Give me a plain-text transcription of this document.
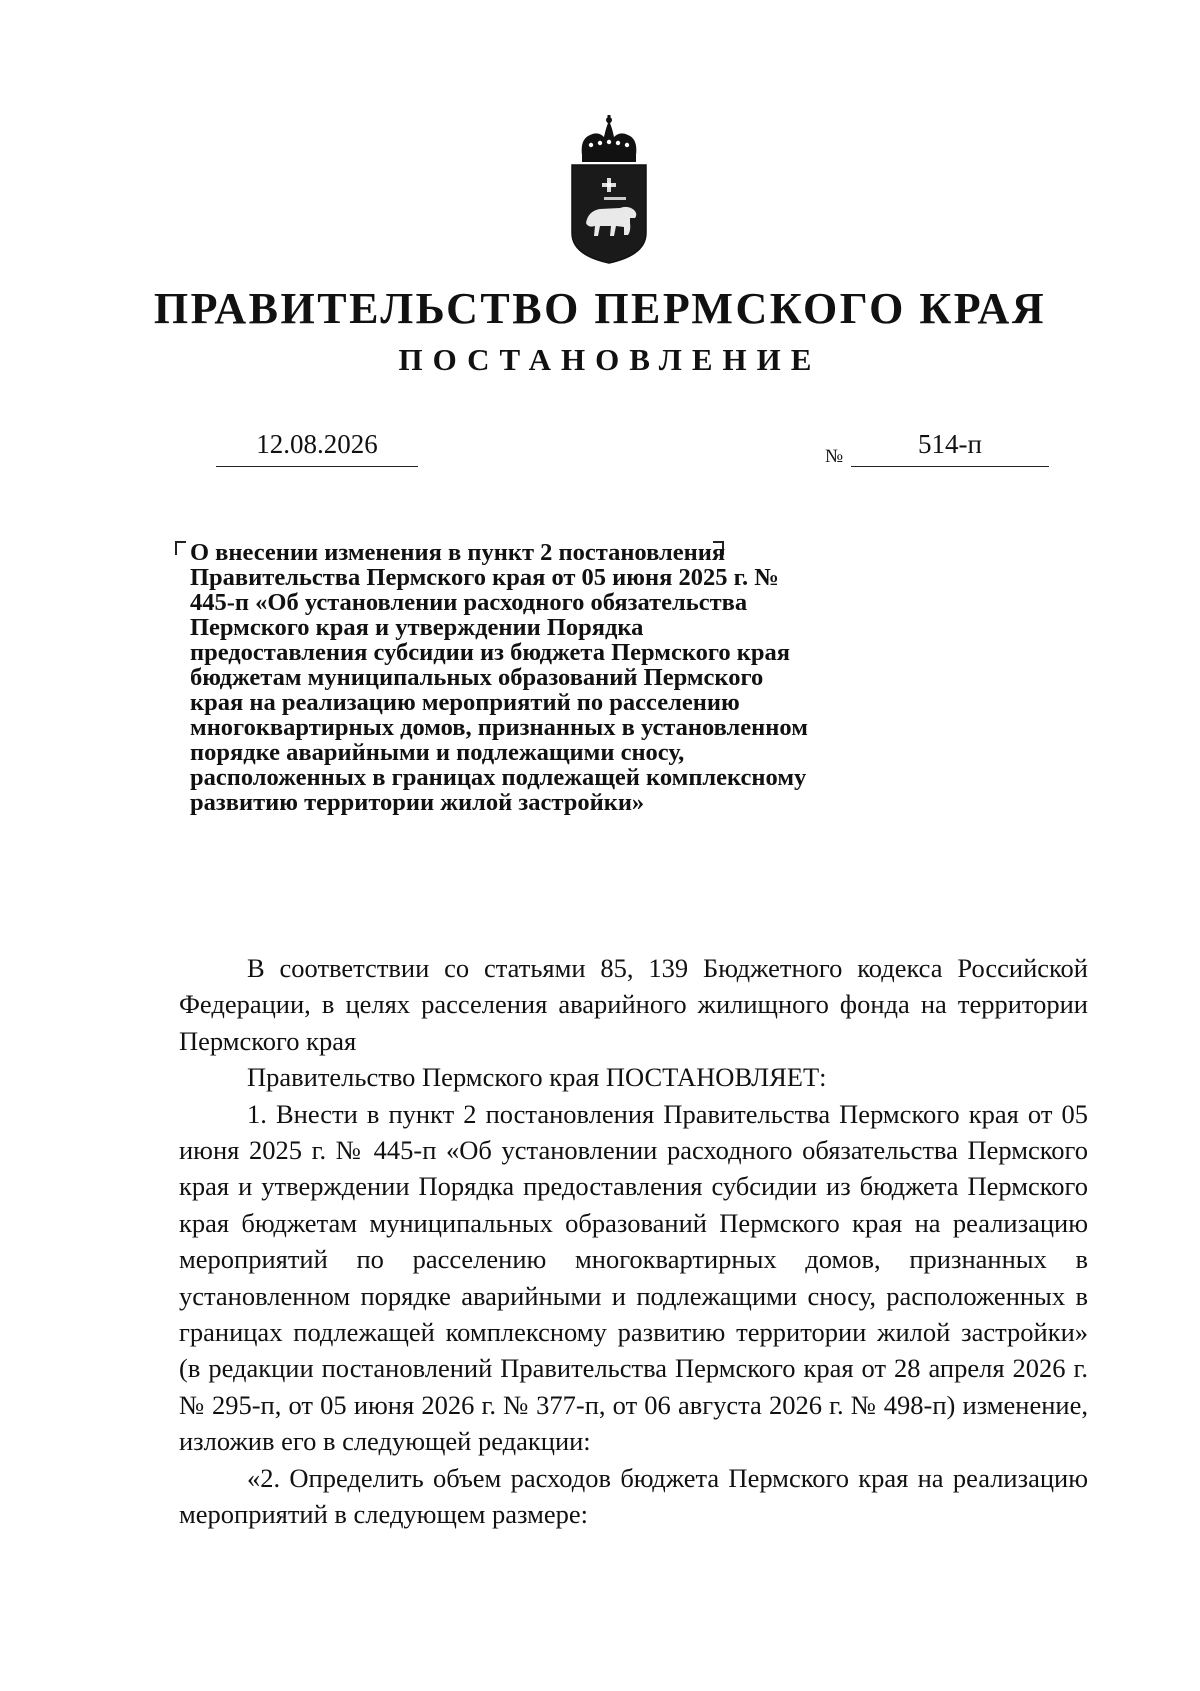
ПРАВИТЕЛЬСТВО ПЕРМСКОГО КРАЯ
ПОСТАНОВЛЕНИЕ
12.08.2026	№	514-п

О внесении изменения в пункт 2 постановления Правительства Пермского края от 05 июня 2025 г. № 445-п «Об установлении расходного обязательства Пермского края и утверждении Порядка предоставления субсидии из бюджета Пермского края бюджетам муниципальных образований Пермского края на реализацию мероприятий по расселению многоквартирных домов, признанных в установленном порядке аварийными и подлежащими сносу, расположенных в границах подлежащей комплексному развитию территории жилой застройки»

В соответствии со статьями 85, 139 Бюджетного кодекса Российской Федерации, в целях расселения аварийного жилищного фонда на территории Пермского края

Правительство Пермского края ПОСТАНОВЛЯЕТ:

1. Внести в пункт 2 постановления Правительства Пермского края от 05 июня 2025 г. № 445-п «Об установлении расходного обязательства Пермского края и утверждении Порядка предоставления субсидии из бюджета Пермского края бюджетам муниципальных образований Пермского края на реализацию мероприятий по расселению многоквартирных домов, признанных в установленном порядке аварийными и подлежащими сносу, расположенных в границах подлежащей комплексному развитию территории жилой застройки» (в редакции постановлений Правительства Пермского края от 28 апреля 2026 г. № 295-п, от 05 июня 2026 г. № 377-п, от 06 августа 2026 г. № 498-п) изменение, изложив его в следующей редакции:

«2. Определить объем расходов бюджета Пермского края на реализацию мероприятий в следующем размере:
